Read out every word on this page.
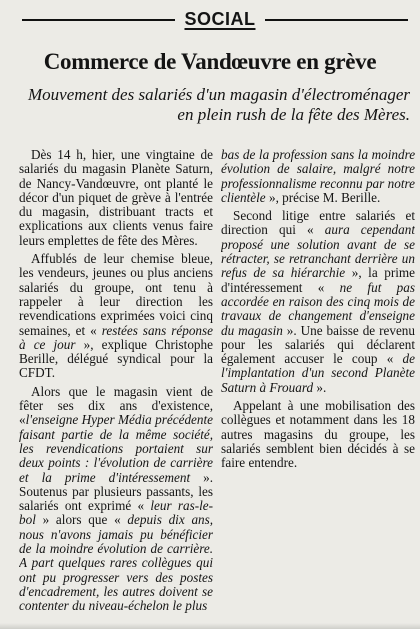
SOCIAL
Commerce de Vandœuvre en grève
Mouvement des salariés d'un magasin d'électroménager en plein rush de la fête des Mères.

Dès 14 h, hier, une vingtaine de salariés du magasin Planète Saturn, de Nancy-Vandœuvre, ont planté le décor d'un piquet de grève à l'entrée du magasin, distribuant tracts et explications aux clients venus faire leurs emplettes de fête des Mères.

Affublés de leur chemise bleue, les vendeurs, jeunes ou plus anciens salariés du groupe, ont tenu à rappeler à leur direction les revendications exprimées voici cinq semaines, et « restées sans réponse à ce jour », explique Christophe Berille, délégué syndical pour la CFDT.

Alors que le magasin vient de fêter ses dix ans d'existence, «l'enseigne Hyper Média précédente faisant partie de la même société, les revendications portaient sur deux points : l'évolution de carrière et la prime d'intéressement ». Soutenus par plusieurs passants, les salariés ont exprimé « leur ras-le-bol » alors que « depuis dix ans, nous n'avons jamais pu bénéficier de la moindre évolution de carrière. A part quelques rares collègues qui ont pu progresser vers des postes d'encadrement, les autres doivent se contenter du niveau-échelon le plus

bas de la profession sans la moindre évolution de salaire, malgré notre professionnalisme reconnu par notre clientèle », précise M. Berille.

Second litige entre salariés et direction qui « aura cependant proposé une solution avant de se rétracter, se retranchant derrière un refus de sa hiérarchie », la prime d'intéressement « ne fut pas accordée en raison des cinq mois de travaux de changement d'enseigne du magasin ». Une baisse de revenu pour les salariés qui déclarent également accuser le coup « de l'implantation d'un second Planète Saturn à Frouard ».

Appelant à une mobilisation des collègues et notamment dans les 18 autres magasins du groupe, les salariés semblent bien décidés à se faire entendre.
